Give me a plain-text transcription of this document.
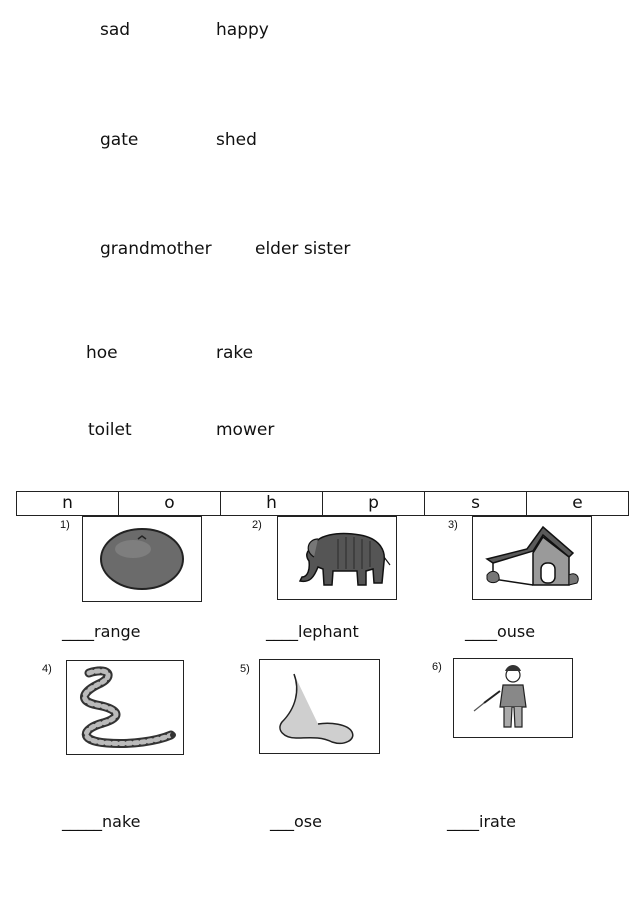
sad	happy
gate	shed
grandmother	elder sister
hoe	rake
toilet	mower
n	o	h	p	s	e
1)	2)	3)
____range	____lephant	____ouse
4)	5)	6)
_____nake	___ose	____irate
